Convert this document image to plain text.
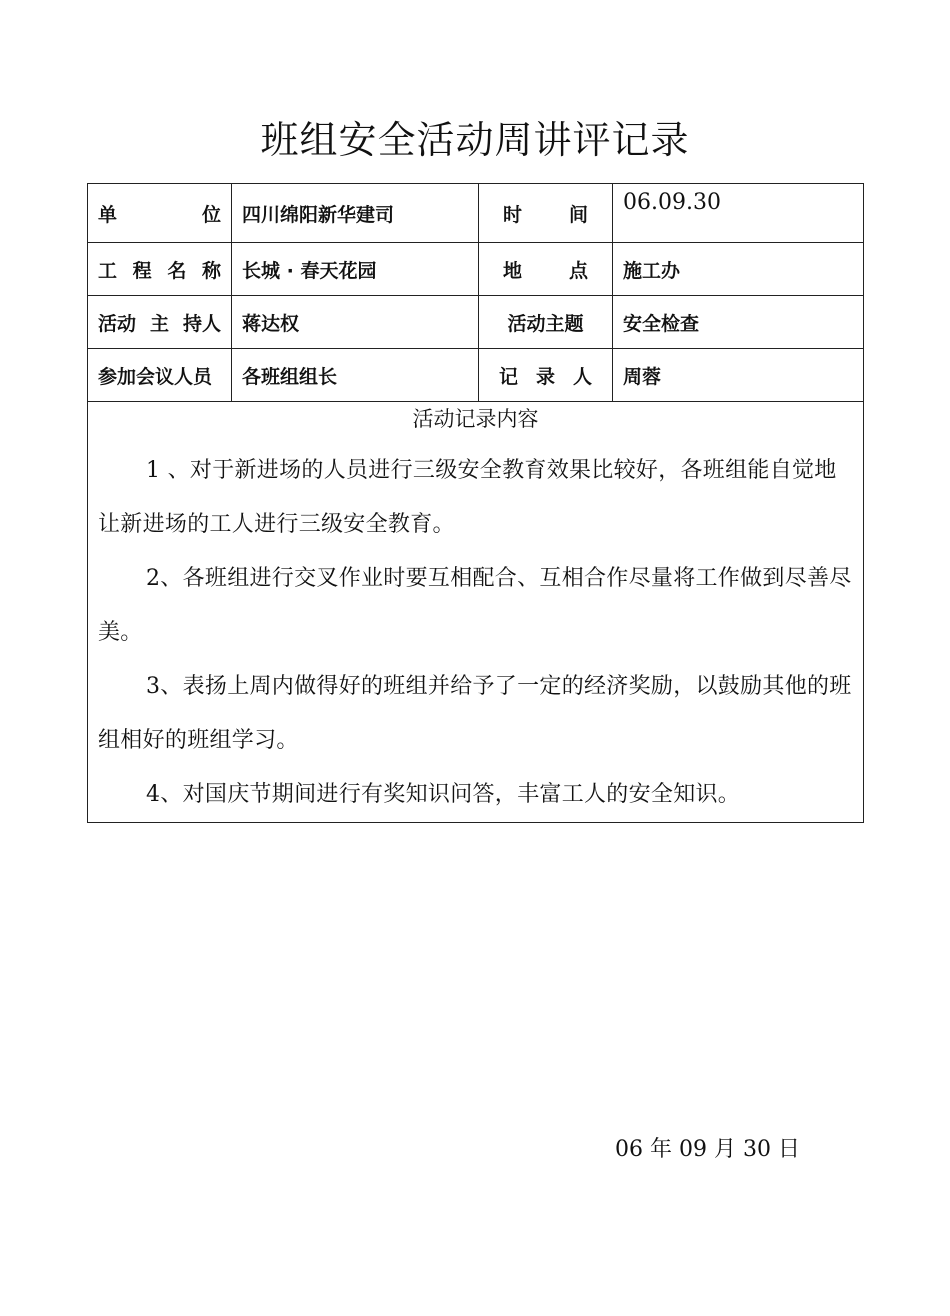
班组安全活动周讲评记录
单 位	四川绵阳新华建司	时 间	06.09.30

工 程 名 称	长城 · 春天花园	地 点	施工办

活动 主 持人	蒋达权	活动主题	安全检查
参加会议人员	各班组组长	记 录 人	周蓉

活动记录内容

1 、对于新进场的人员进行三级安全教育效果比较好，各班组能自觉地让新进场的工人进行三级安全教育。

2、各班组进行交叉作业时要互相配合、互相合作尽量将工作做到尽善尽美。

3、表扬上周内做得好的班组并给予了一定的经济奖励，以鼓励其他的班组相好的班组学习。

4、对国庆节期间进行有奖知识问答，丰富工人的安全知识。			

06 年 09 月 30 日
